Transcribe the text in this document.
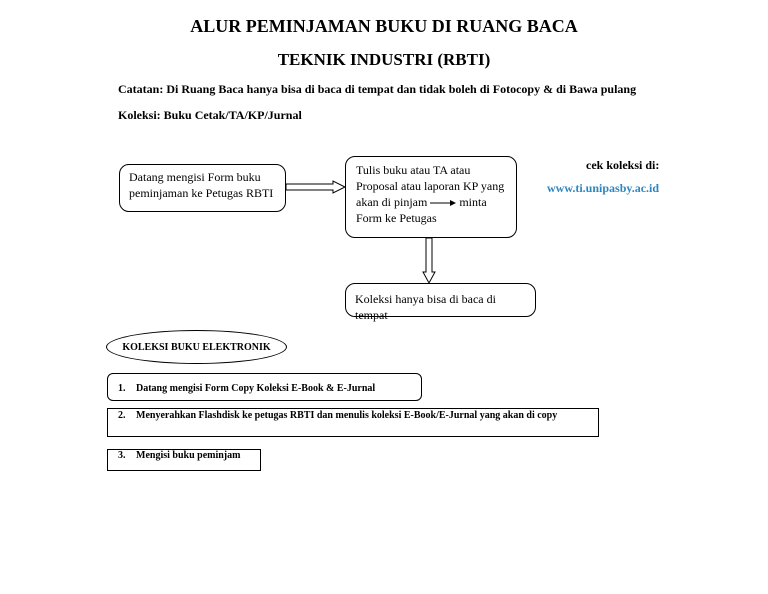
ALUR PEMINJAMAN BUKU DI RUANG BACA
TEKNIK INDUSTRI (RBTI)
Catatan: Di Ruang Baca hanya bisa di baca di tempat dan tidak boleh di Fotocopy & di Bawa pulang
Koleksi: Buku Cetak/TA/KP/Jurnal
Datang mengisi Form buku
peminjaman ke Petugas RBTI
Tulis buku atau TA atau
Proposal atau laporan KP yang
akan di pinjam	minta
Form ke Petugas
Koleksi hanya bisa di baca di tempat
cek koleksi di:
www.ti.unipasby.ac.id
KOLEKSI BUKU ELEKTRONIK
1. Datang mengisi Form Copy Koleksi E-Book & E-Jurnal
2. Menyerahkan Flashdisk ke petugas RBTI dan menulis koleksi E-Book/E-Jurnal yang akan di copy
3. Mengisi buku peminjam
